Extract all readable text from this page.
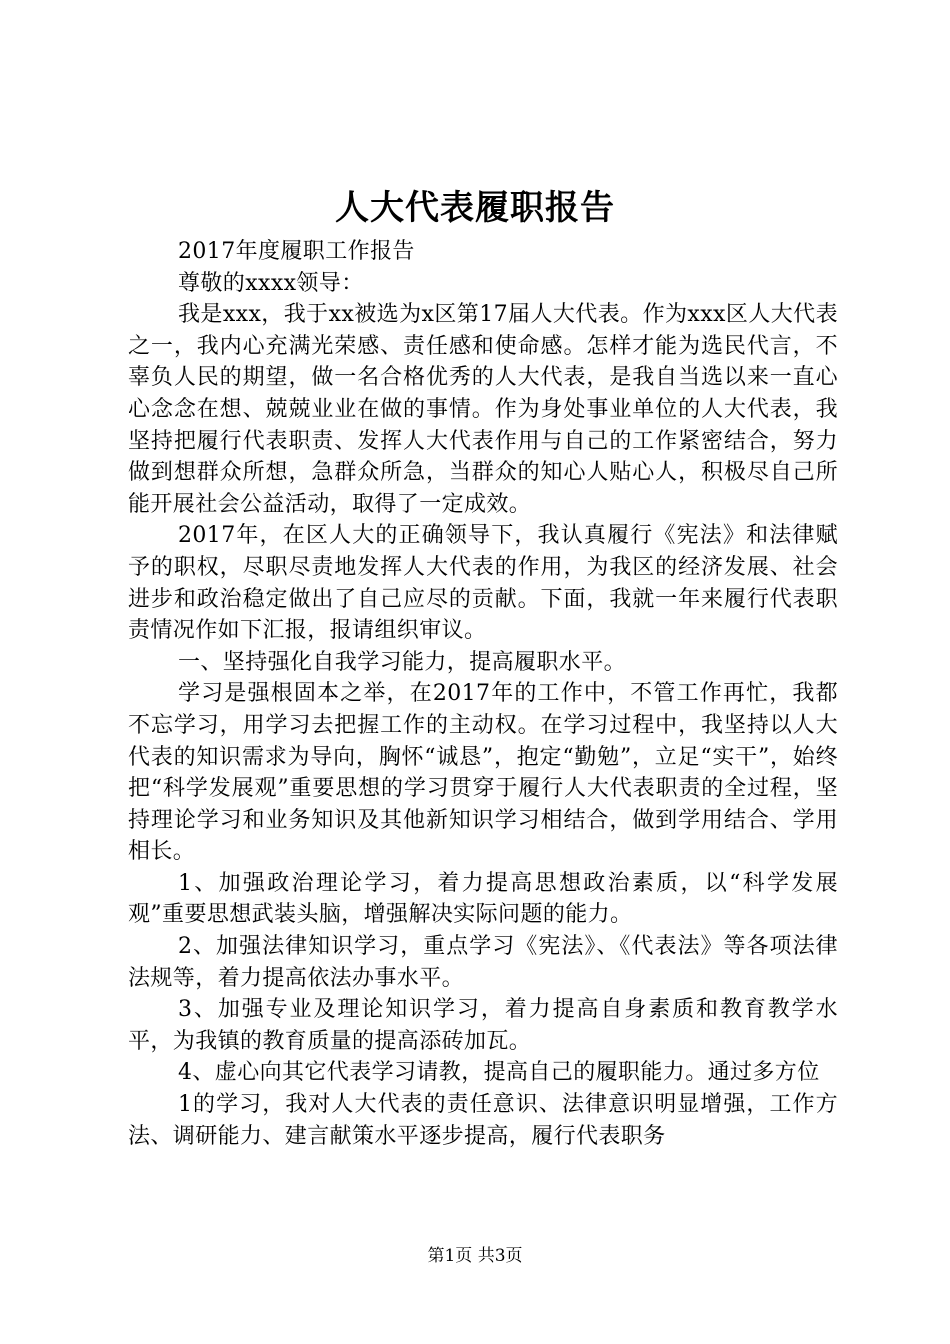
人大代表履职报告

2017年度履职工作报告

尊敬的xxxx领导：

我是xxx，我于xx被选为x区第17届人大代表。作为xxx区人大代表之一，我内心充满光荣感、责任感和使命感。怎样才能为选民代言，不辜负人民的期望，做一名合格优秀的人大代表，是我自当选以来一直心心念念在想、兢兢业业在做的事情。作为身处事业单位的人大代表，我坚持把履行代表职责、发挥人大代表作用与自己的工作紧密结合，努力做到想群众所想，急群众所急，当群众的知心人贴心人，积极尽自己所能开展社会公益活动，取得了一定成效。

2017年，在区人大的正确领导下，我认真履行《宪法》和法律赋予的职权，尽职尽责地发挥人大代表的作用，为我区的经济发展、社会进步和政治稳定做出了自己应尽的贡献。下面，我就一年来履行代表职责情况作如下汇报，报请组织审议。

一、坚持强化自我学习能力，提高履职水平。

学习是强根固本之举，在2017年的工作中，不管工作再忙，我都不忘学习，用学习去把握工作的主动权。在学习过程中，我坚持以人大代表的知识需求为导向，胸怀“诚恳”，抱定“勤勉”，立足“实干”，始终把“科学发展观”重要思想的学习贯穿于履行人大代表职责的全过程，坚持理论学习和业务知识及其他新知识学习相结合，做到学用结合、学用相长。

1、加强政治理论学习，着力提高思想政治素质，以“科学发展观”重要思想武装头脑，增强解决实际问题的能力。

2、加强法律知识学习，重点学习《宪法》、《代表法》等各项法律法规等，着力提高依法办事水平。

3、加强专业及理论知识学习，着力提高自身素质和教育教学水平，为我镇的教育质量的提高添砖加瓦。

4、虚心向其它代表学习请教，提高自己的履职能力。通过多方位

1的学习，我对人大代表的责任意识、法律意识明显增强，工作方法、调研能力、建言献策水平逐步提高，履行代表职务

第1页 共3页
